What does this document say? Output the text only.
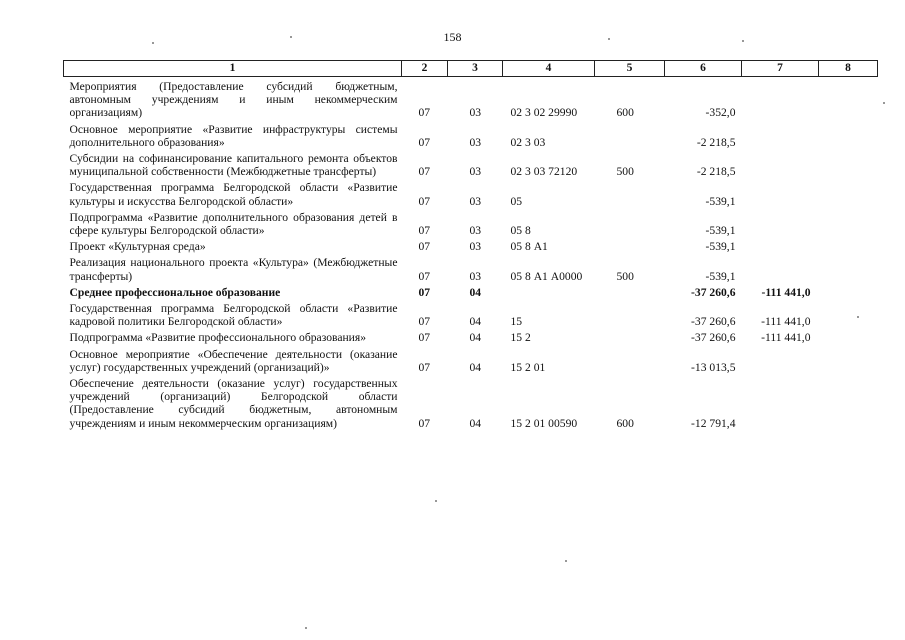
158
1	2	3	4	5	6	7	8
Мероприятия (Предоставление субсидий бюджетным, автономным учреждениям и иным некоммерческим организациям)	07	03	02 3 02 29990	600	-352,0		
Основное мероприятие «Развитие инфраструктуры системы дополнительного образования»	07	03	02 3 03		-2 218,5		
Субсидии на софинансирование капитального ремонта объектов муниципальной собственности (Межбюджетные трансферты)	07	03	02 3 03 72120	500	-2 218,5		
Государственная программа Белгородской области «Развитие культуры и искусства Белгородской области»	07	03	05		-539,1		
Подпрограмма «Развитие дополнительного образования детей в сфере культуры Белгородской области»	07	03	05 8		-539,1		
Проект «Культурная среда»	07	03	05 8 А1		-539,1		
Реализация национального проекта «Культура» (Межбюджетные трансферты)	07	03	05 8 А1 А0000	500	-539,1		
Среднее профессиональное образование	07	04			-37 260,6	-111 441,0	
Государственная программа Белгородской области «Развитие кадровой политики Белгородской области»	07	04	15		-37 260,6	-111 441,0	
Подпрограмма «Развитие профессионального образования»	07	04	15 2		-37 260,6	-111 441,0	
Основное мероприятие «Обеспечение деятельности (оказание услуг) государственных учреждений (организаций)»	07	04	15 2 01		-13 013,5		
Обеспечение деятельности (оказание услуг) государственных учреждений (организаций) Белгородской области (Предоставление субсидий бюджетным, автономным учреждениям и иным некоммерческим организациям)	07	04	15 2 01 00590	600	-12 791,4		
